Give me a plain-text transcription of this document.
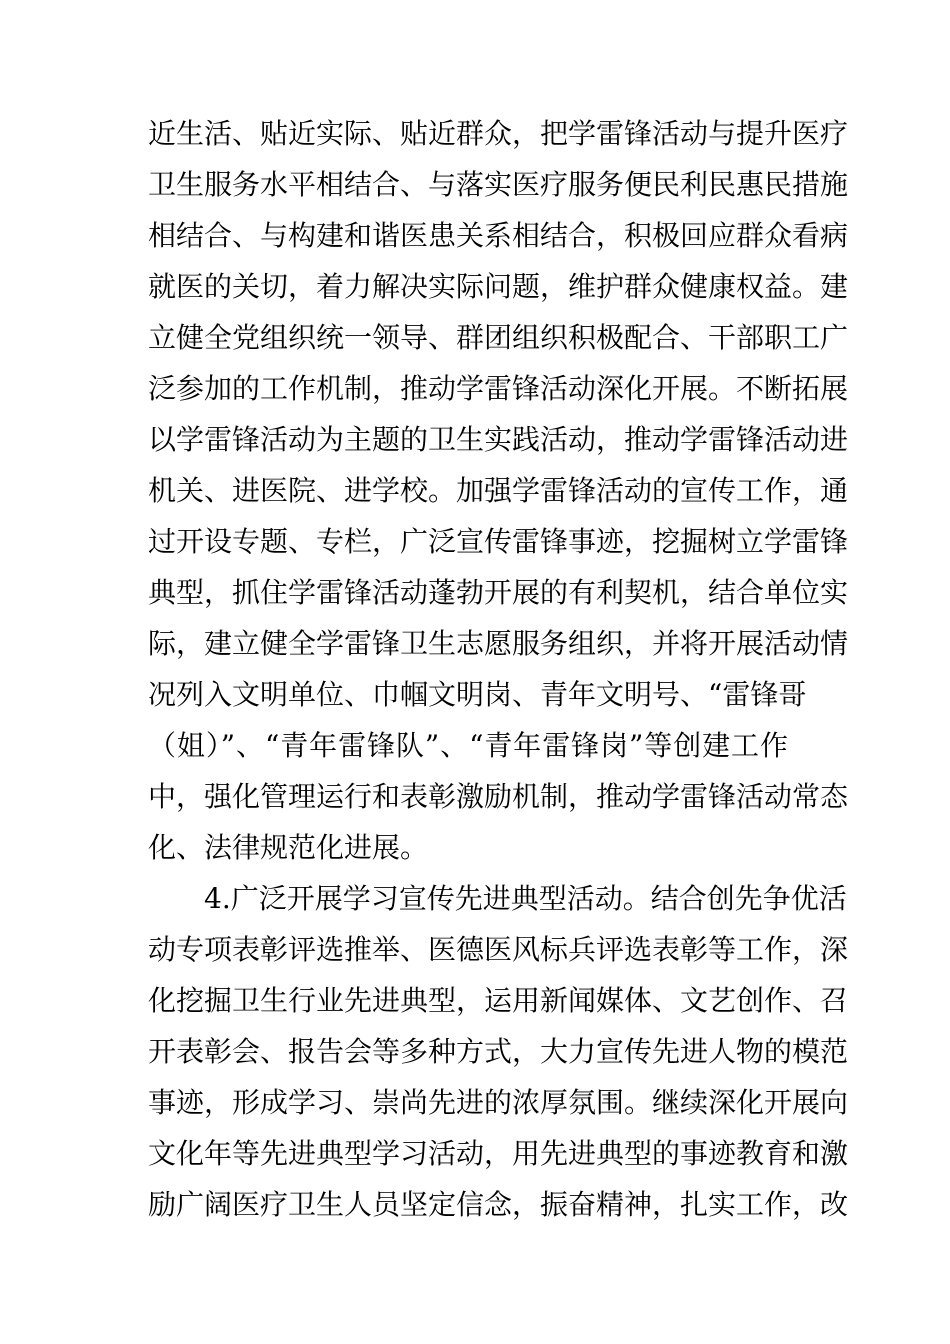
近生活、贴近实际、贴近群众，把学雷锋活动与提升医疗
卫生服务水平相结合、与落实医疗服务便民利民惠民措施
相结合、与构建和谐医患关系相结合，积极回应群众看病
就医的关切，着力解决实际问题，维护群众健康权益。建
立健全党组织统一领导、群团组织积极配合、干部职工广
泛参加的工作机制，推动学雷锋活动深化开展。不断拓展
以学雷锋活动为主题的卫生实践活动，推动学雷锋活动进
机关、进医院、进学校。加强学雷锋活动的宣传工作，通
过开设专题、专栏，广泛宣传雷锋事迹，挖掘树立学雷锋
典型，抓住学雷锋活动蓬勃开展的有利契机，结合单位实
际，建立健全学雷锋卫生志愿服务组织，并将开展活动情
况列入文明单位、巾帼文明岗、青年文明号、“雷锋哥
（姐）”、“青年雷锋队”、“青年雷锋岗”等创建工作
中，强化管理运行和表彰激励机制，推动学雷锋活动常态
化、法律规范化进展。
4.广泛开展学习宣传先进典型活动。结合创先争优活
动专项表彰评选推举、医德医风标兵评选表彰等工作，深
化挖掘卫生行业先进典型，运用新闻媒体、文艺创作、召
开表彰会、报告会等多种方式，大力宣传先进人物的模范
事迹，形成学习、崇尚先进的浓厚氛围。继续深化开展向
文化年等先进典型学习活动，用先进典型的事迹教育和激
励广阔医疗卫生人员坚定信念，振奋精神，扎实工作，改
